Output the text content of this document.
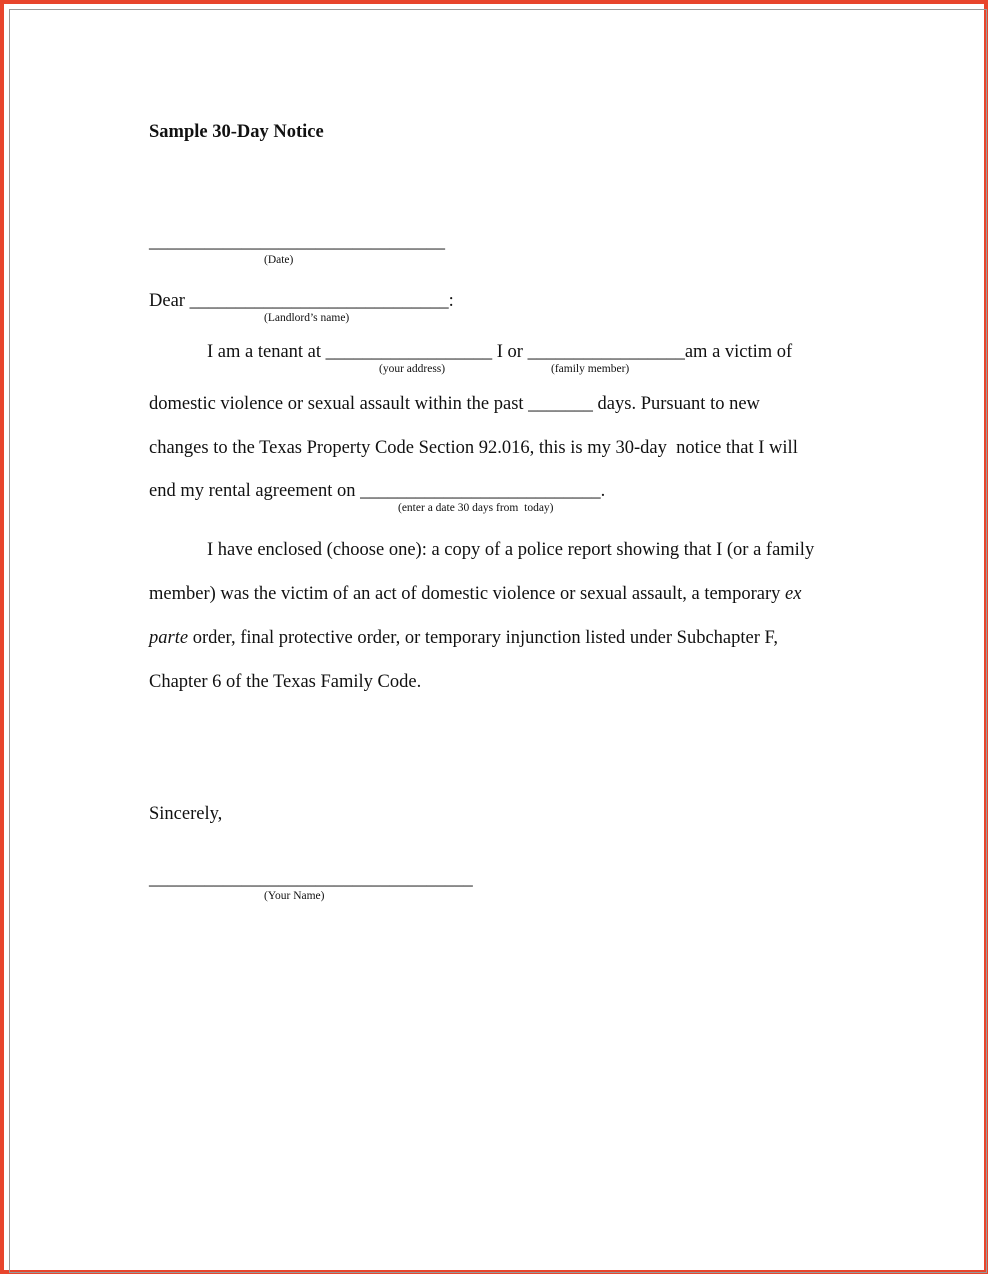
Sample 30-Day Notice
________________________________
(Date)
Dear ____________________________:
(Landlord’s name)
I am a tenant at __________________ I or _________________am a victim of
(your address)	(family member)
domestic violence or sexual assault within the past _______ days. Pursuant to new
changes to the Texas Property Code Section 92.016, this is my 30-day  notice that I will
end my rental agreement on __________________________.
(enter a date 30 days from  today)
I have enclosed (choose one): a copy of a police report showing that I (or a family
member) was the victim of an act of domestic violence or sexual assault, a temporary ex
parte order, final protective order, or temporary injunction listed under Subchapter F,
Chapter 6 of the Texas Family Code.
Sincerely,
___________________________________
(Your Name)
